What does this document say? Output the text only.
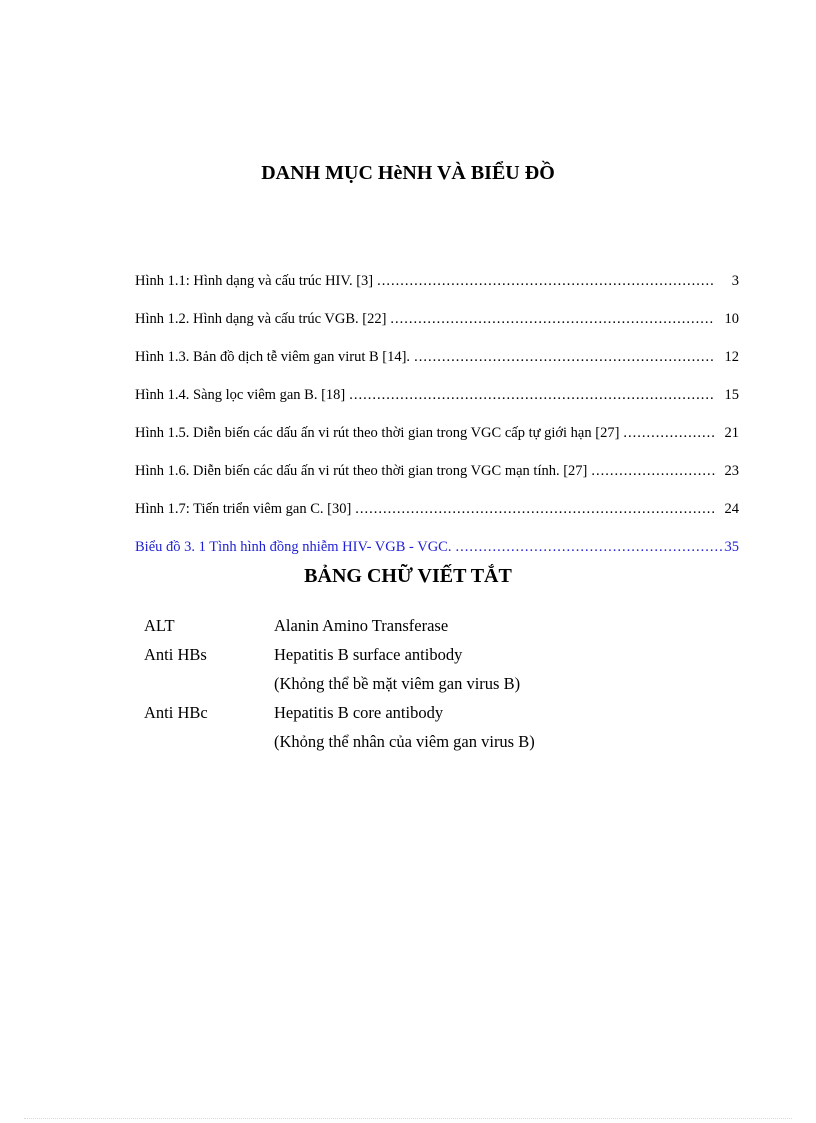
DANH MỤC HèNH VÀ BIỂU ĐỒ
Hình 1.1: Hình dạng và cấu trúc HIV. [3] .....	3
Hình 1.2. Hình dạng và cấu trúc VGB. [22] .....	10
Hình 1.3. Bản đồ dịch tễ viêm gan virut B [14]. .....	12
Hình 1.4. Sàng lọc viêm gan B. [18] .....	15
Hình 1.5. Diễn biến các dấu ấn vi rút theo thời gian trong VGC cấp tự giới hạn [27] .....	21
Hình 1.6. Diễn biến các dấu ấn vi rút theo thời gian trong VGC mạn tính. [27] .....	23
Hình 1.7: Tiến triển viêm gan C. [30] .....	24
Biểu đồ 3. 1 Tình hình đồng nhiễm HIV- VGB - VGC. .....	35
BẢNG CHỮ VIẾT TẮT
ALT	Alanin Amino Transferase
Anti HBs	Hepatitis B surface antibody
(Khỏng thể bề mặt viêm gan virus B)
Anti HBc	Hepatitis B core antibody
(Khỏng thể nhân của viêm gan virus B)
